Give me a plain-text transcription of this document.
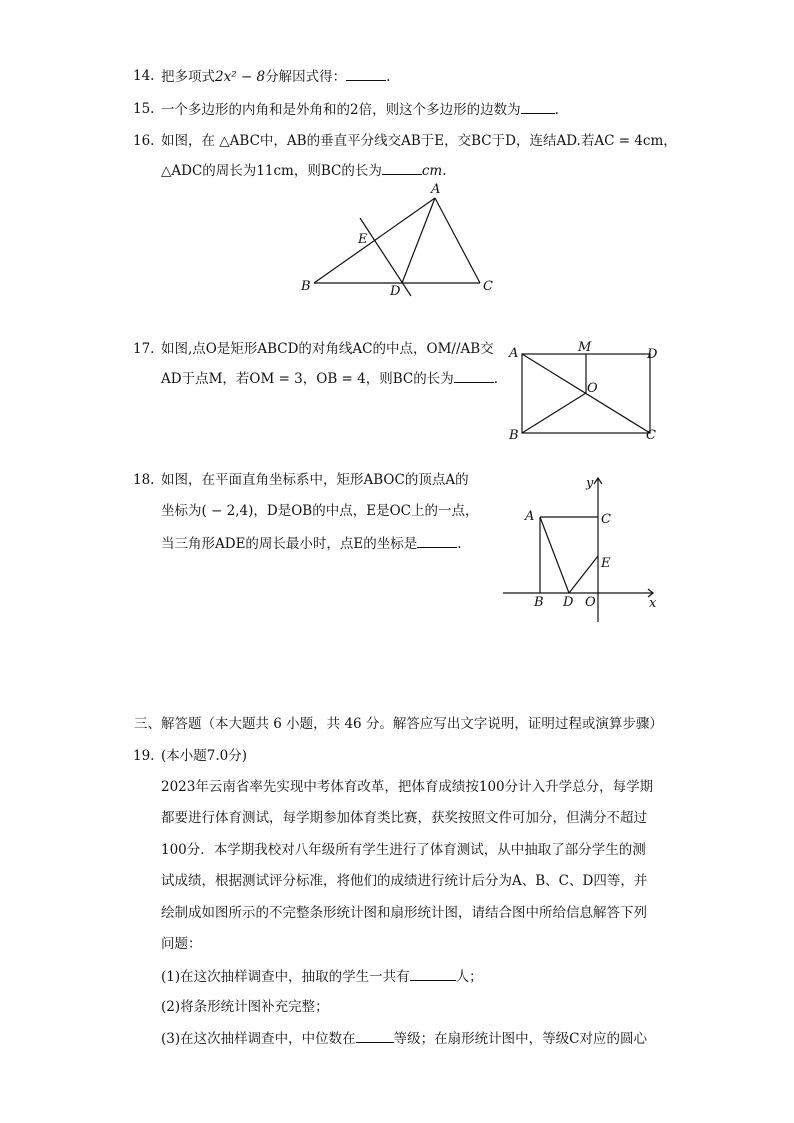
14. 把多项式2x² − 8分解因式得：	.
15. 一个多边形的内角和是外角和的2倍，则这个多边形的边数为	.
16. 如图，在 △ABC中，AB的垂直平分线交AB于E，交BC于D，连结AD.若AC = 4cm，
△ADC的周长为11cm，则BC的长为	cm.
A
B	C
D
E
17. 如图,点O是矩形ABCD的对角线AC的中点，OM//AB交
AD于点M，若OM = 3，OB = 4，则BC的长为	.
A
B	C
D
M
O
18. 如图，在平面直角坐标系中，矩形ABOC的顶点A的
坐标为( − 2,4)，D是OB的中点，E是OC上的一点，
当三角形ADE的周长最小时，点E的坐标是	.
y
x
A	C
E
B D O
三、解答题（本大题共 6 小题，共 46 分。解答应写出文字说明，证明过程或演算步骤）
19. (本小题7.0分)
2023年云南省率先实现中考体育改革，把体育成绩按100分计入升学总分，每学期
都要进行体育测试，每学期参加体育类比赛，获奖按照文件可加分，但满分不超过
100分．本学期我校对八年级所有学生进行了体育测试，从中抽取了部分学生的测
试成绩，根据测试评分标准，将他们的成绩进行统计后分为A、B、C、D四等，并
绘制成如图所示的不完整条形统计图和扇形统计图，请结合图中所给信息解答下列
问题：
(1)在这次抽样调查中，抽取的学生一共有	人；
(2)将条形统计图补充完整；
(3)在这次抽样调查中，中位数在	等级；在扇形统计图中，等级C对应的圆心
